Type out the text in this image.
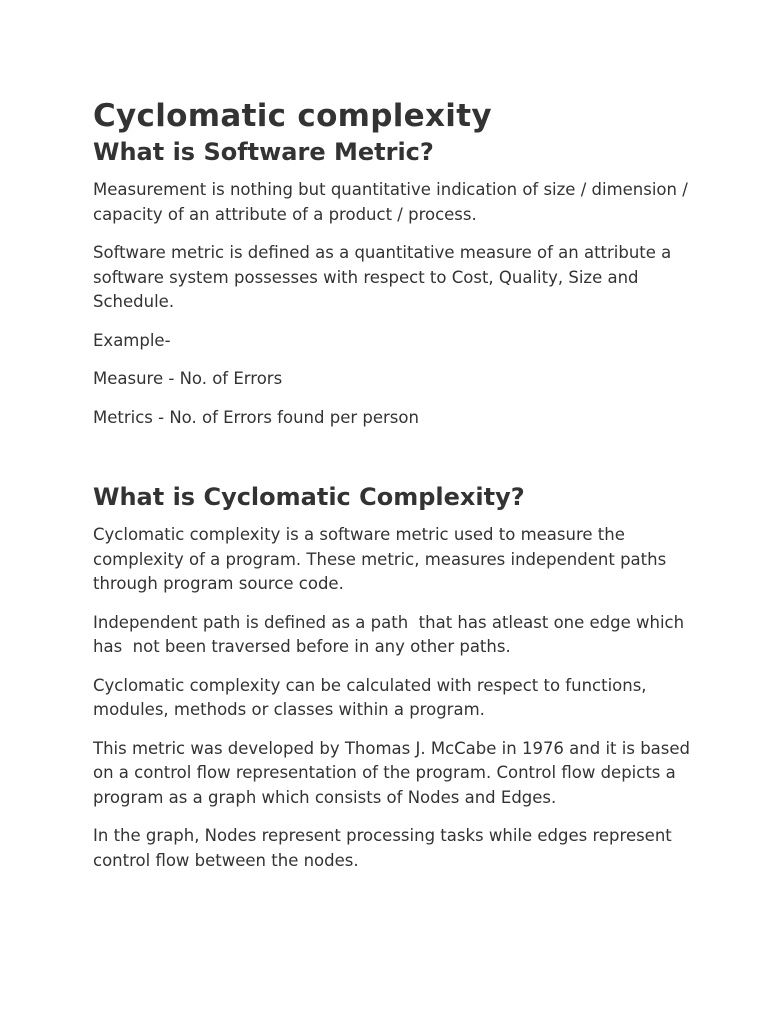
Cyclomatic complexity
What is Software Metric?

Measurement is nothing but quantitative indication of size / dimension / capacity of an attribute of a product / process.

Software metric is defined as a quantitative measure of an attribute a software system possesses with respect to Cost, Quality, Size and Schedule.

Example-

Measure - No. of Errors

Metrics - No. of Errors found per person

What is Cyclomatic Complexity?

Cyclomatic complexity is a software metric used to measure the complexity of a program. These metric, measures independent paths through program source code.

Independent path is defined as a path  that has atleast one edge which has  not been traversed before in any other paths.

Cyclomatic complexity can be calculated with respect to functions, modules, methods or classes within a program.

This metric was developed by Thomas J. McCabe in 1976 and it is based on a control flow representation of the program. Control flow depicts a program as a graph which consists of Nodes and Edges.

In the graph, Nodes represent processing tasks while edges represent control flow between the nodes.
